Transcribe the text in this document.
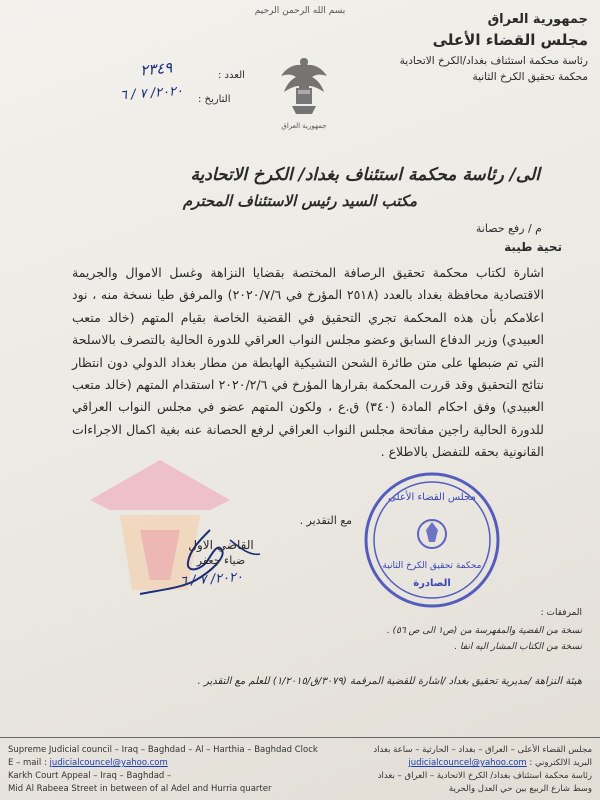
بسم الله الرحمن الرحيم
جمهورية العراق
مجلس القضاء الأعلى
رئاسة محكمة استئناف بغداد/الكرخ الاتحادية
محكمة تحقيق الكرخ الثانية
جمهورية العراق
العدد :
٢٣٤٩
التاريخ :
٢٠٢٠/ ٧ / ٦
الى/ رئاسة محكمة استئناف بغداد/ الكرخ الاتحادية
مكتب السيد رئيس الاستئناف المحترم
م / رفع حصانة
تحية طيبة
اشارة لكتاب محكمة تحقيق الرصافة المختصة بقضايا النزاهة وغسل الاموال والجريمة الاقتصادية محافظة بغداد بالعدد (٢٥١٨ المؤرخ في ٢٠٢٠/٧/٦) والمرفق طيا نسخة منه ، نود اعلامكم بأن هذه المحكمة تجري التحقيق في القضية الخاصة بقيام المتهم (خالد متعب العبيدي) وزير الدفاع السابق وعضو مجلس النواب العراقي للدورة الحالية بالتصرف بالاسلحة التي تم ضبطها على متن طائرة الشحن التشيكية الهابطة من مطار بغداد الدولي دون انتظار نتائج التحقيق وقد قررت المحكمة بقرارها المؤرخ في ٢٠٢٠/٢/٦ استقدام المتهم (خالد متعب العبيدي) وفق احكام المادة (٣٤٠) ق.ع ، ولكون المتهم عضو في مجلس النواب العراقي للدورة الحالية راجين مفاتحة مجلس النواب العراقي لرفع الحصانة عنه بغية اكمال الاجراءات القانونية بحقه للتفضل بالاطلاع .
مجلس القضاء الأعلى
محكمة تحقيق الكرخ الثانية
الصادرة
مع التقدير .
القاضي الاول
ضياء جعفر
٢٠٢٠/ ٧ / ٦
المرفقات :
نسخة من القضية والمفهرسة من (ص١ الى ص ٥٦) .
نسخة من الكتاب المشار اليه انفا .
هيئة النزاهة /مديرية تحقيق بغداد /اشارة للقضية المرقمة (٣٠٧٩/ق/١/٢٠١٥) للعلم مع التقدير .
Supreme Judicial council – Iraq – Baghdad – Al – Harthia – Baghdad Clock
E – mail : judicialcouncel@yahoo.com
Karkh Court Appeal – Iraq – Baghdad –
Mid Al Rabeea Street in between of al Adel and Hurria quarter
مجلس القضاء الأعلى – العراق – بغداد – الحارثية – ساعة بغداد
البريد الالكتروني : judicialcouncel@yahoo.com
رئاسة محكمة استئناف بغداد/ الكرخ الاتحادية – العراق – بغداد
وسط شارع الربيع بين حي العدل والحرية
